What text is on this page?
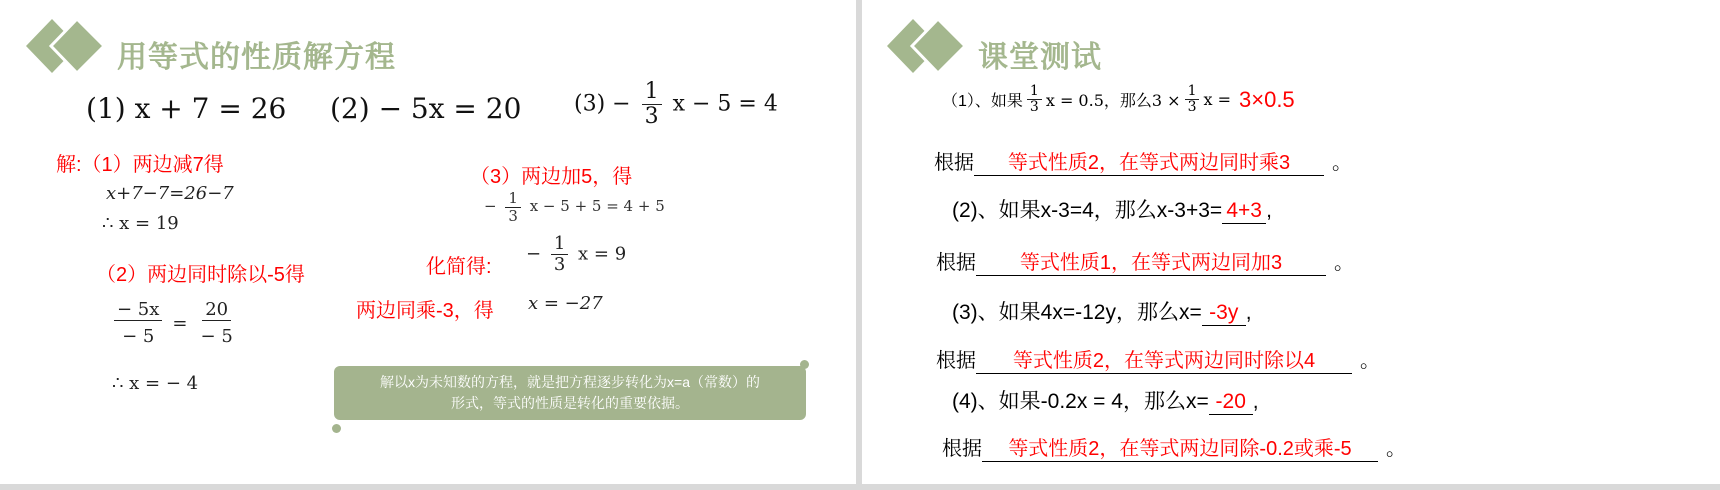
用等式的性质解方程
(1) x + 7 = 26 (2) − 5x = 20 $(3) - \frac{1}{3}$ x − 5 = 4
解:（1）两边减7得
x+7−7=26−7
∴ x = 19
（2）两边同时除以-5得
$\frac{- 5x}{- 5} = \frac{20}{- 5}$
∴ x = − 4
（3）两边加5，得
− $\frac{1}{3}$ x − 5 + 5 = 4 + 5
化简得:
− $\frac{1}{3}$ x = 9
两边同乘-3，得 x = −27
解以x为未知数的方程，就是把方程逐步转化为x=a（常数）的
形式，等式的性质是转化的重要依据。
课堂测试
（1）、如果 $\frac{1}{3}$ x = 0.5，那么$3 \times \frac{1}{3}$ x = 3×0.5
根据 等式性质2，在等式两边同时乘3 。
(2)、如果x-3=4，那么x-3+3= 4+3 ,
根据 等式性质1，在等式两边同加3	。
(3)、如果4x=-12y，那么x= -3y ,
根据 等式性质2，在等式两边同时除以4 。
(4)、如果-0.2x = 4，那么x= -20 ,
根据 等式性质2，在等式两边同除-0.2或乘-5 。
